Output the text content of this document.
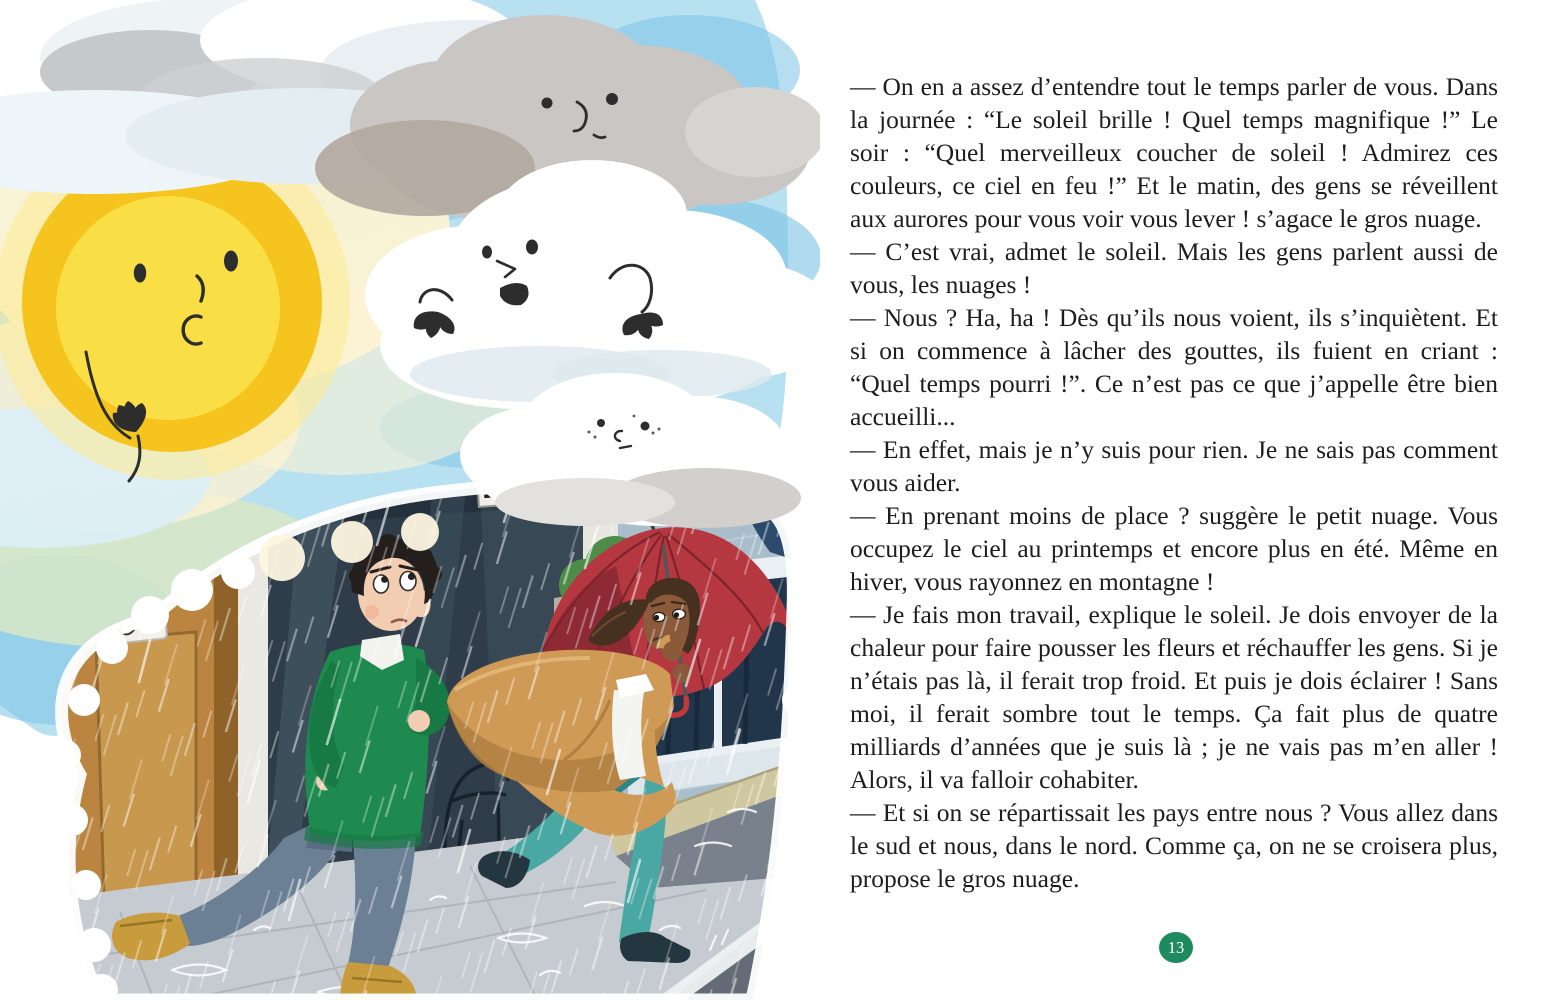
— On en a assez d’entendre tout le temps parler de vous. Dans la journée : “Le soleil brille ! Quel temps magnifique !” Le soir : “Quel merveilleux coucher de soleil ! Admirez ces couleurs, ce ciel en feu !” Et le matin, des gens se réveillent aux aurores pour vous voir vous lever ! s’agace le gros nuage.

— C’est vrai, admet le soleil. Mais les gens parlent aussi de vous, les nuages !

— Nous ? Ha, ha ! Dès qu’ils nous voient, ils s’inquiètent. Et si on commence à lâcher des gouttes, ils fuient en criant : “Quel temps pourri !”. Ce n’est pas ce que j’appelle être bien accueilli...

— En effet, mais je n’y suis pour rien. Je ne sais pas comment vous aider.

— En prenant moins de place ? suggère le petit nuage. Vous occupez le ciel au printemps et encore plus en été. Même en hiver, vous rayonnez en montagne !

— Je fais mon travail, explique le soleil. Je dois envoyer de la chaleur pour faire pousser les fleurs et réchauffer les gens. Si je n’étais pas là, il ferait trop froid. Et puis je dois éclairer ! Sans moi, il ferait sombre tout le temps. Ça fait plus de quatre milliards d’années que je suis là ; je ne vais pas m’en aller ! Alors, il va falloir cohabiter.

— Et si on se répartissait les pays entre nous ? Vous allez dans le sud et nous, dans le nord. Comme ça, on ne se croisera plus, propose le gros nuage.

13
